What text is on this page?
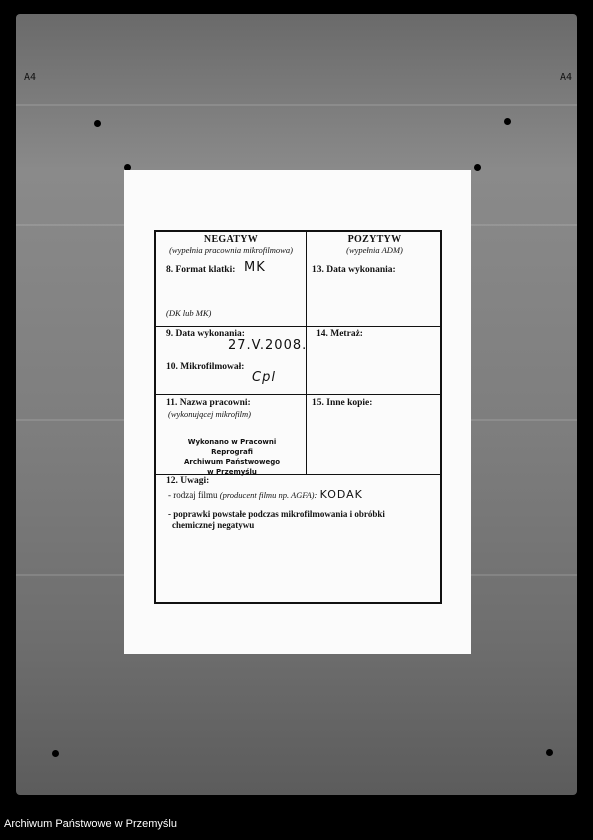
A4	A4
NEGATYW
(wypełnia pracownia mikrofilmowa)
POZYTYW
(wypełnia ADM)
8. Format klatki: MK
(DK lub MK)
13. Data wykonania:
9. Data wykonania:
27.V.2008.
10. Mikrofilmował:
Cpl
14. Metraż:
11. Nazwa pracowni:
(wykonującej mikrofilm)
Wykonano w Pracowni Reprografi
Archiwum Państwowego
w Przemyślu
15. Inne kopie:
12. Uwagi:
- rodzaj filmu (producent filmu np. AGFA): KODAK
- poprawki powstałe podczas mikrofilmowania i obróbki
chemicznej negatywu
Archiwum Państwowe w Przemyślu
